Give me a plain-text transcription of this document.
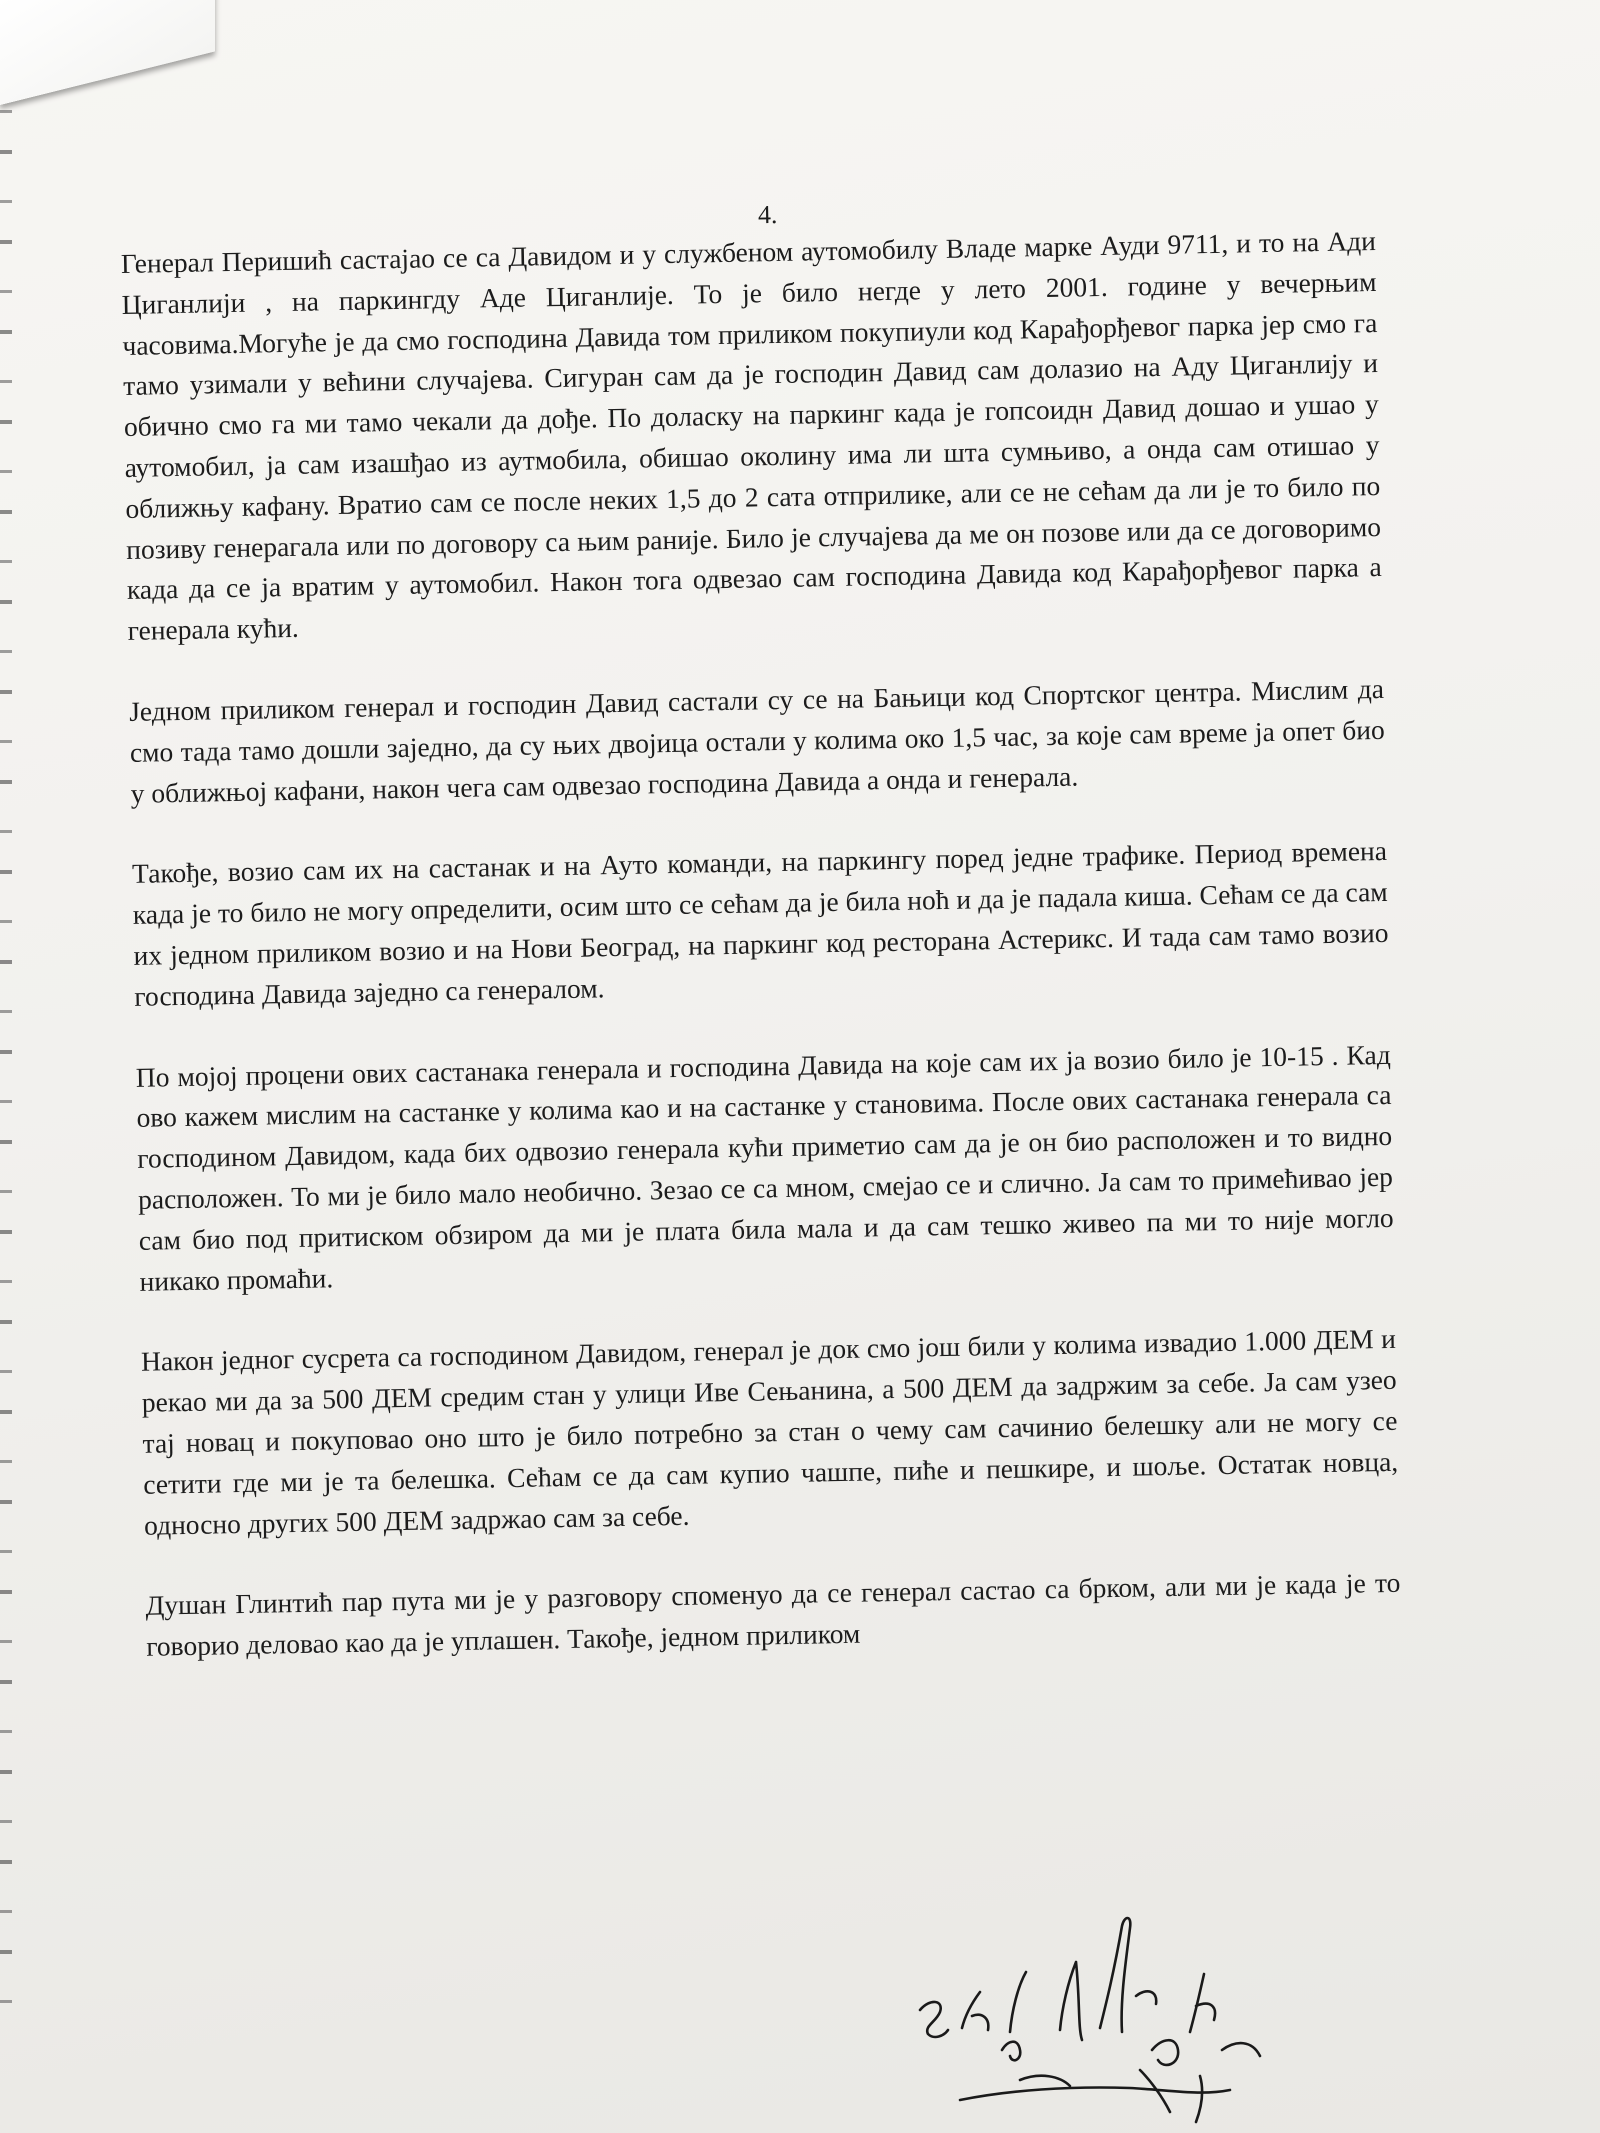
4.

Генерал Перишић састајао се са Давидом и у службеном аутомобилу Владе марке Ауди 9711, и то на Ади Циганлији , на паркингду Аде Циганлије. То је било негде у лето 2001. године у вечерњим часовима.Могуће је да смо господина Давида том приликом покупиули код Карађорђевог парка јер смо га тамо узимали у већини случајева. Сигуран сам да је господин Давид сам долазио на Аду Циганлију и обично смо га ми тамо чекали да дође. По доласку на паркинг када је гопсоидн Давид дошао и ушао у аутомобил, ја сам изашђао из аутмобила, обишао околину има ли шта сумњиво, а онда сам отишао у оближњу кафану. Вратио сам се после неких 1,5 до 2 сата отприлике, али се не сећам да ли је то било по позиву генерагала или по договору са њим раније. Било је случајева да ме он позове или да се договоримо када да се ја вратим у аутомобил. Након тога одвезао сам господина Давида код Карађорђевог парка а генерала кући.

Једном приликом генерал и господин Давид састали су се на Бањици код Спортског центра. Мислим да смо тада тамо дошли заједно, да су њих двојица остали у колима око 1,5 час, за које сам време ја опет био у оближњој кафани, након чега сам одвезао господина Давида а онда и генерала.

Такође, возио сам их на састанак и на Ауто команди, на паркингу поред једне трафике. Период времена када је то било не могу определити, осим што се сећам да је била ноћ и да је падала киша. Сећам се да сам их једном приликом возио и на Нови Београд, на паркинг код ресторана Астерикс. И тада сам тамо возио господина Давида заједно са генералом.

По мојој процени ових састанака генерала и господина Давида на које сам их ја возио било је 10-15 . Кад ово кажем мислим на састанке у колима као и на састанке у становима. После ових састанака генерала са господином Давидом, када бих одвозио генерала кући приметио сам да је он био расположен и то видно расположен. То ми је било мало необично. Зезао се са мном, смејао се и слично. Ја сам то примећивао јер сам био под притиском обзиром да ми је плата била мала и да сам тешко живео па ми то није могло никако промаћи.

Након једног сусрета са господином Давидом, генерал је док смо још били у колима извадио 1.000 ДЕМ и рекао ми да за 500 ДЕМ средим стан у улици Иве Сењанина, а 500 ДЕМ да задржим за себе. Ја сам узео тај новац и покуповао оно што је било потребно за стан о чему сам сачинио белешку али не могу се сетити где ми је та белешка. Сећам се да сам купио чашпе, пиће и пешкире, и шоље. Остатак новца, односно других 500 ДЕМ задржао сам за себе.

Душан Глинтић пар пута ми је у разговору споменуо да се генерал састао са брком, али ми је када је то говорио деловао као да је уплашен. Такође, једном приликом
